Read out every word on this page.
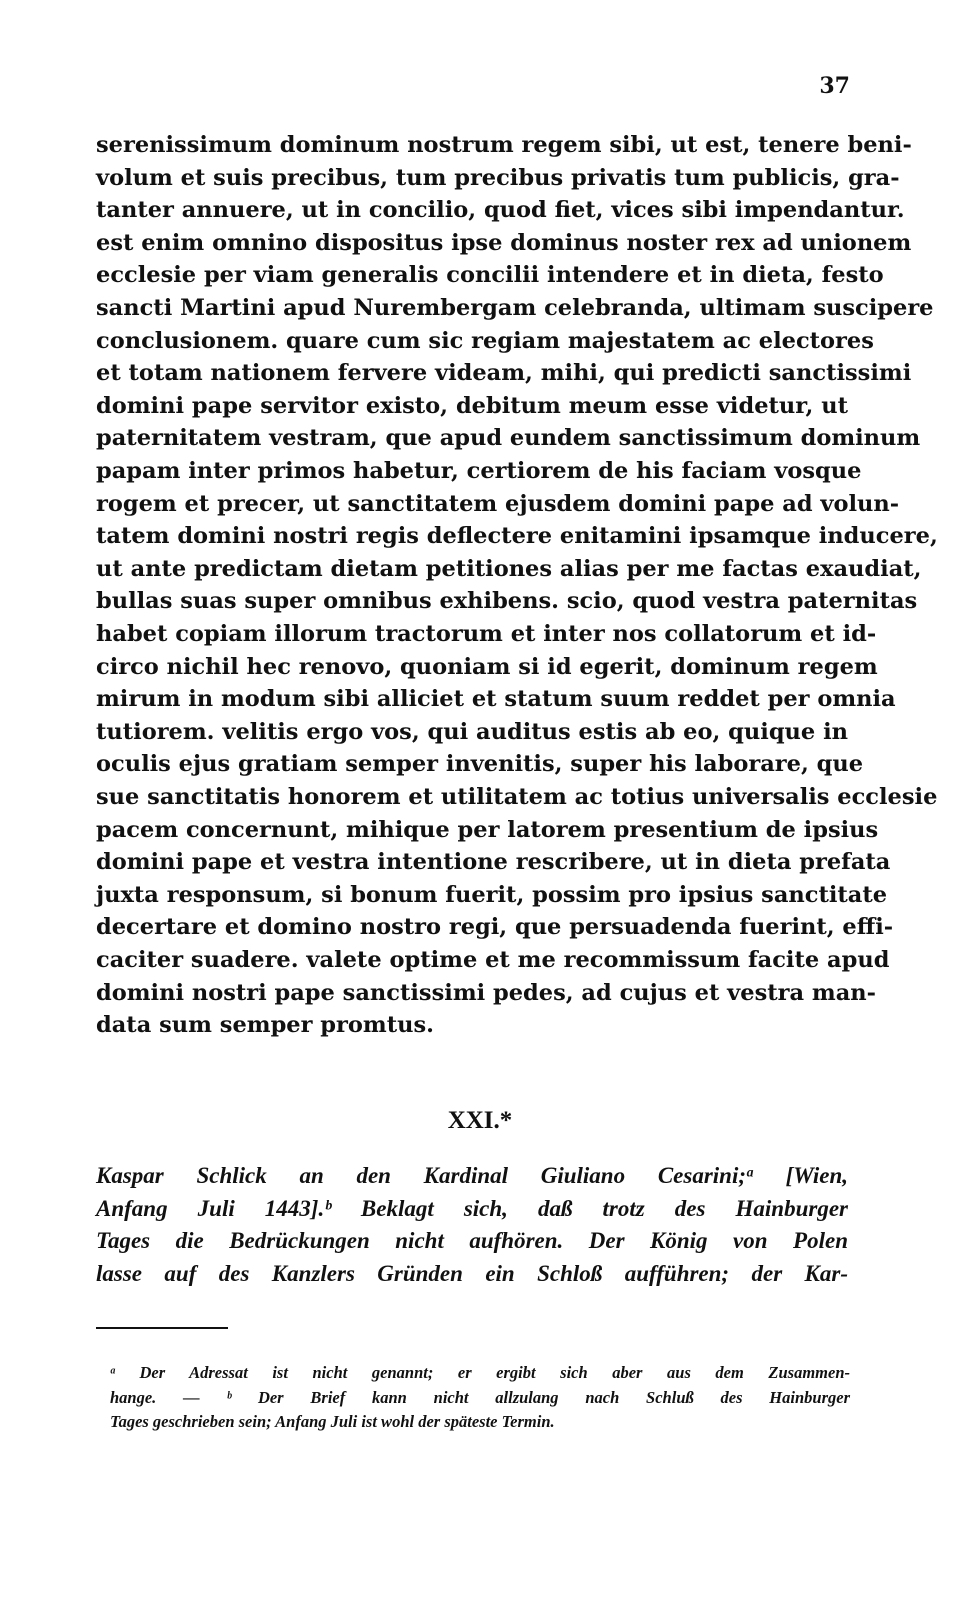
37
serenissimum dominum nostrum regem sibi, ut est, tenere beni-
volum et suis precibus, tum precibus privatis tum publicis, gra-
tanter annuere, ut in concilio, quod fiet, vices sibi impendantur.
est enim omnino dispositus ipse dominus noster rex ad unionem
ecclesie per viam generalis concilii intendere et in dieta, festo
sancti Martini apud Nurembergam celebranda, ultimam suscipere
conclusionem. quare cum sic regiam majestatem ac electores
et totam nationem fervere videam, mihi, qui predicti sanctissimi
domini pape servitor existo, debitum meum esse videtur, ut
paternitatem vestram, que apud eundem sanctissimum dominum
papam inter primos habetur, certiorem de his faciam vosque
rogem et precer, ut sanctitatem ejusdem domini pape ad volun-
tatem domini nostri regis deflectere enitamini ipsamque inducere,
ut ante predictam dietam petitiones alias per me factas exaudiat,
bullas suas super omnibus exhibens. scio, quod vestra paternitas
habet copiam illorum tractorum et inter nos collatorum et id-
circo nichil hec renovo, quoniam si id egerit, dominum regem
mirum in modum sibi alliciet et statum suum reddet per omnia
tutiorem. velitis ergo vos, qui auditus estis ab eo, quique in
oculis ejus gratiam semper invenitis, super his laborare, que
sue sanctitatis honorem et utilitatem ac totius universalis ecclesie
pacem concernunt, mihique per latorem presentium de ipsius
domini pape et vestra intentione rescribere, ut in dieta prefata
juxta responsum, si bonum fuerit, possim pro ipsius sanctitate
decertare et domino nostro regi, que persuadenda fuerint, effi-
caciter suadere. valete optime et me recommissum facite apud
domini nostri pape sanctissimi pedes, ad cujus et vestra man-
data sum semper promtus.
XXI.*
Kaspar Schlick an den Kardinal Giuliano Cesarini;ᵃ [Wien,
Anfang Juli 1443].ᵇ Beklagt sich, daß trotz des Hainburger
Tages die Bedrückungen nicht aufhören. Der König von Polen
lasse auf des Kanzlers Gründen ein Schloß aufführen; der Kar-
ᵃ Der Adressat ist nicht genannt; er ergibt sich aber aus dem Zusammen-
hange. — ᵇ Der Brief kann nicht allzulang nach Schluß des Hainburger
Tages geschrieben sein; Anfang Juli ist wohl der späteste Termin.
